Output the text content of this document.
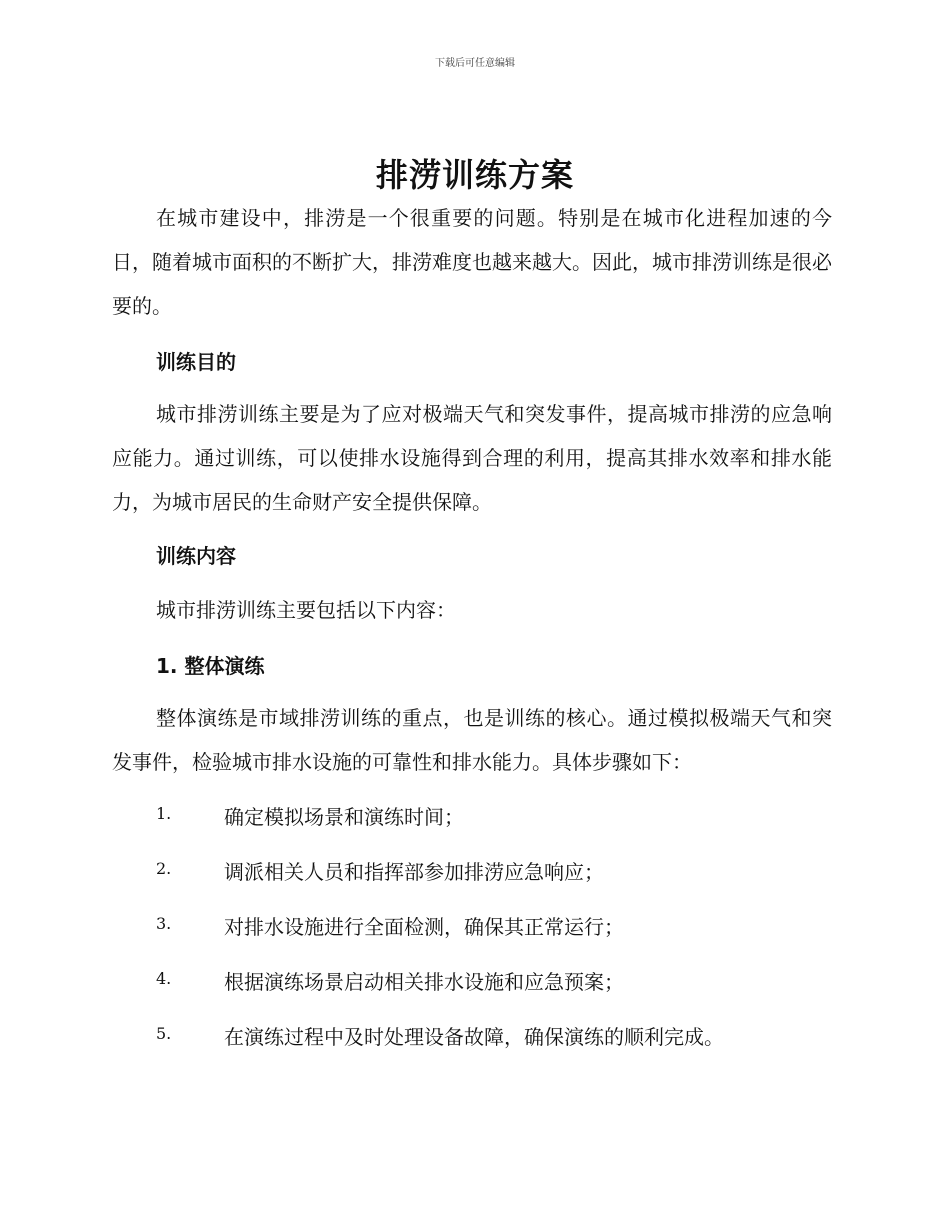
下载后可任意编辑
排涝训练方案
在城市建设中，排涝是一个很重要的问题。特别是在城市化进程加速的今日，随着城市面积的不断扩大，排涝难度也越来越大。因此，城市排涝训练是很必要的。
训练目的
城市排涝训练主要是为了应对极端天气和突发事件，提高城市排涝的应急响应能力。通过训练，可以使排水设施得到合理的利用，提高其排水效率和排水能力，为城市居民的生命财产安全提供保障。
训练内容
城市排涝训练主要包括以下内容：
1. 整体演练
整体演练是市域排涝训练的重点，也是训练的核心。通过模拟极端天气和突发事件，检验城市排水设施的可靠性和排水能力。具体步骤如下：
1.	确定模拟场景和演练时间；
2.	调派相关人员和指挥部参加排涝应急响应；
3.	对排水设施进行全面检测，确保其正常运行；
4.	根据演练场景启动相关排水设施和应急预案；
5.	在演练过程中及时处理设备故障，确保演练的顺利完成。
